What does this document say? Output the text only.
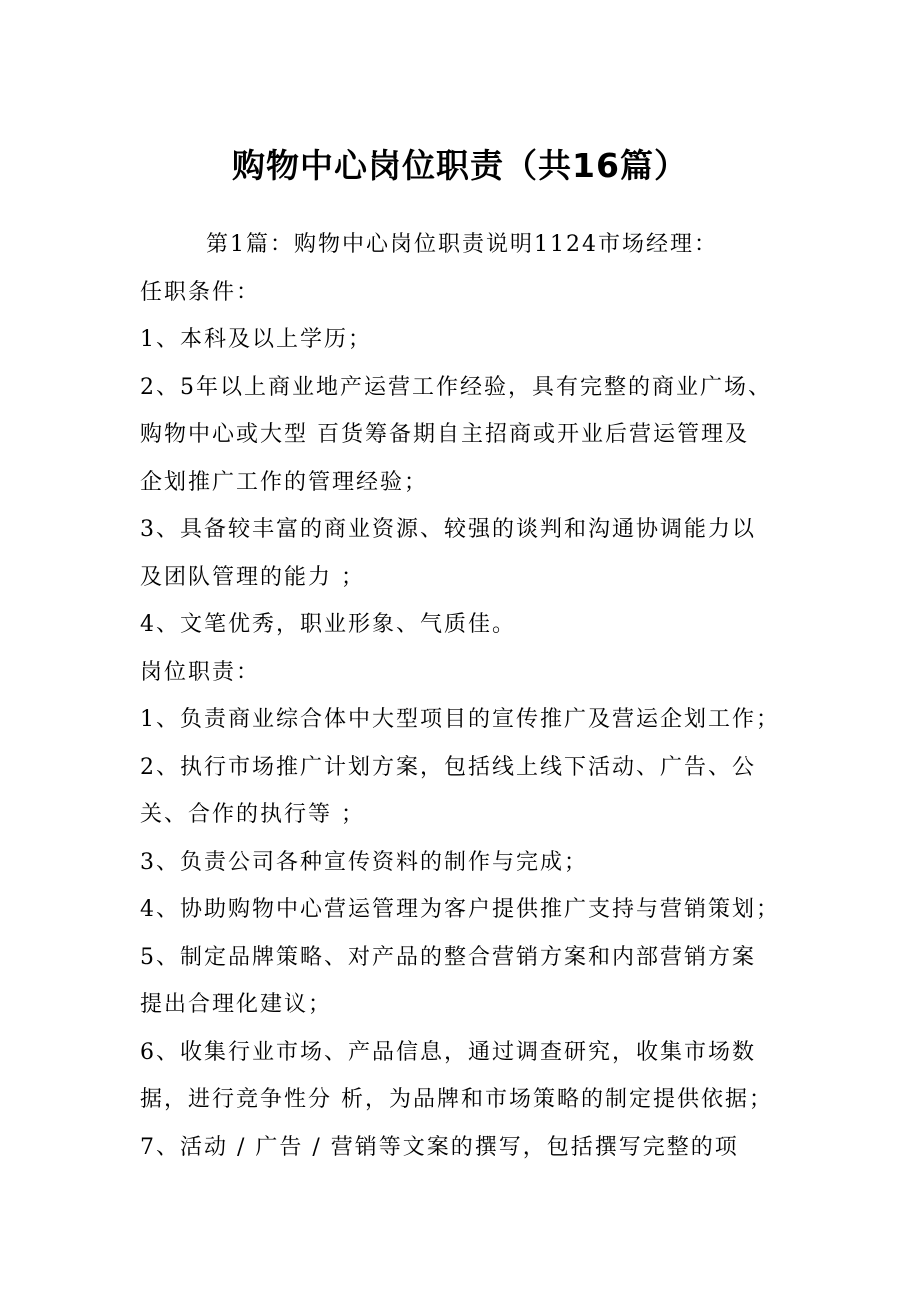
购物中心岗位职责（共16篇）
第1篇：购物中心岗位职责说明1124市场经理：
任职条件：
1、本科及以上学历；
2、5年以上商业地产运营工作经验，具有完整的商业广场、
购物中心或大型 百货筹备期自主招商或开业后营运管理及
企划推广工作的管理经验；
3、具备较丰富的商业资源、较强的谈判和沟通协调能力以
及团队管理的能力 ；
4、文笔优秀，职业形象、气质佳。
岗位职责：
1、负责商业综合体中大型项目的宣传推广及营运企划工作；
2、执行市场推广计划方案，包括线上线下活动、广告、公
关、合作的执行等 ；
3、负责公司各种宣传资料的制作与完成；
4、协助购物中心营运管理为客户提供推广支持与营销策划；
5、制定品牌策略、对产品的整合营销方案和内部营销方案
提出合理化建议；
6、收集行业市场、产品信息，通过调查研究，收集市场数
据，进行竞争性分 析，为品牌和市场策略的制定提供依据；
7、活动 / 广告 / 营销等文案的撰写，包括撰写完整的项
